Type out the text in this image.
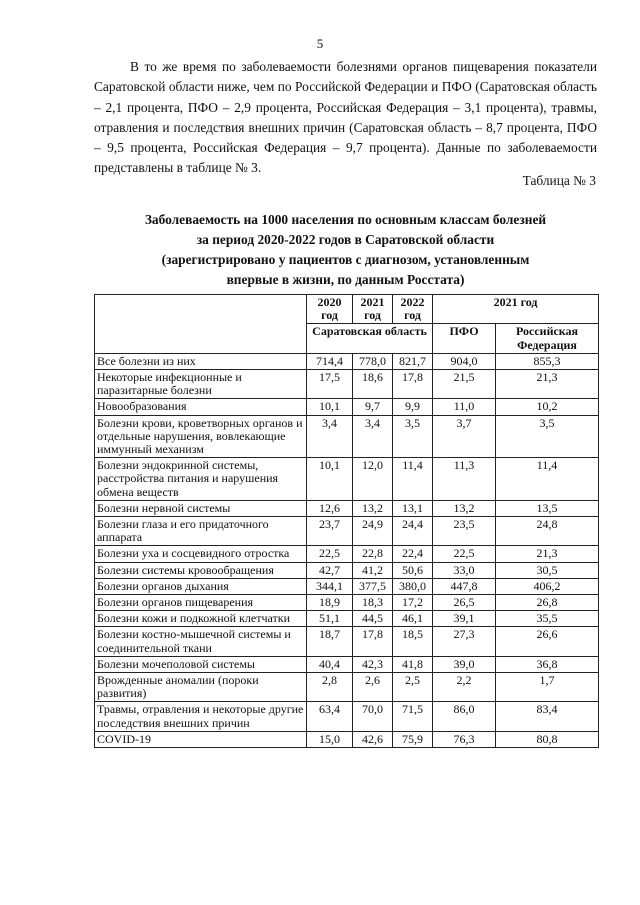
5

В то же время по заболеваемости болезнями органов пищеварения показатели Саратовской области ниже, чем по Российской Федерации и ПФО (Саратовская область – 2,1 процента, ПФО – 2,9 процента, Российская Федерация – 3,1 процента), травмы, отравления и последствия внешних причин (Саратовская область – 8,7 процента, ПФО – 9,5 процента, Российская Федерация – 9,7 процента). Данные по заболеваемости представлены в таблице № 3.

Таблица № 3
Заболеваемость на 1000 населения по основным классам болезней
за период 2020-2022 годов в Саратовской области
(зарегистрировано у пациентов с диагнозом, установленным
впервые в жизни, по данным Росстата)
	2020 год	2021 год	2022 год	2021 год	
	Саратовская область			ПФО	Российская Федерация
Все болезни из них	714,4	778,0	821,7	904,0	855,3
Некоторые инфекционные и паразитарные болезни	17,5	18,6	17,8	21,5	21,3
Новообразования	10,1	9,7	9,9	11,0	10,2
Болезни крови, кроветворных органов и отдельные нарушения, вовлекающие иммунный механизм	3,4	3,4	3,5	3,7	3,5
Болезни эндокринной системы, расстройства питания и нарушения обмена веществ	10,1	12,0	11,4	11,3	11,4
Болезни нервной системы	12,6	13,2	13,1	13,2	13,5
Болезни глаза и его придаточного аппарата	23,7	24,9	24,4	23,5	24,8
Болезни уха и сосцевидного отростка	22,5	22,8	22,4	22,5	21,3
Болезни системы кровообращения	42,7	41,2	50,6	33,0	30,5
Болезни органов дыхания	344,1	377,5	380,0	447,8	406,2
Болезни органов пищеварения	18,9	18,3	17,2	26,5	26,8
Болезни кожи и подкожной клетчатки	51,1	44,5	46,1	39,1	35,5
Болезни костно-мышечной системы и соединительной ткани	18,7	17,8	18,5	27,3	26,6
Болезни мочеполовой системы	40,4	42,3	41,8	39,0	36,8
Врожденные аномалии (пороки развития)	2,8	2,6	2,5	2,2	1,7
Травмы, отравления и некоторые другие последствия внешних причин	63,4	70,0	71,5	86,0	83,4
COVID-19	15,0	42,6	75,9	76,3	80,8
